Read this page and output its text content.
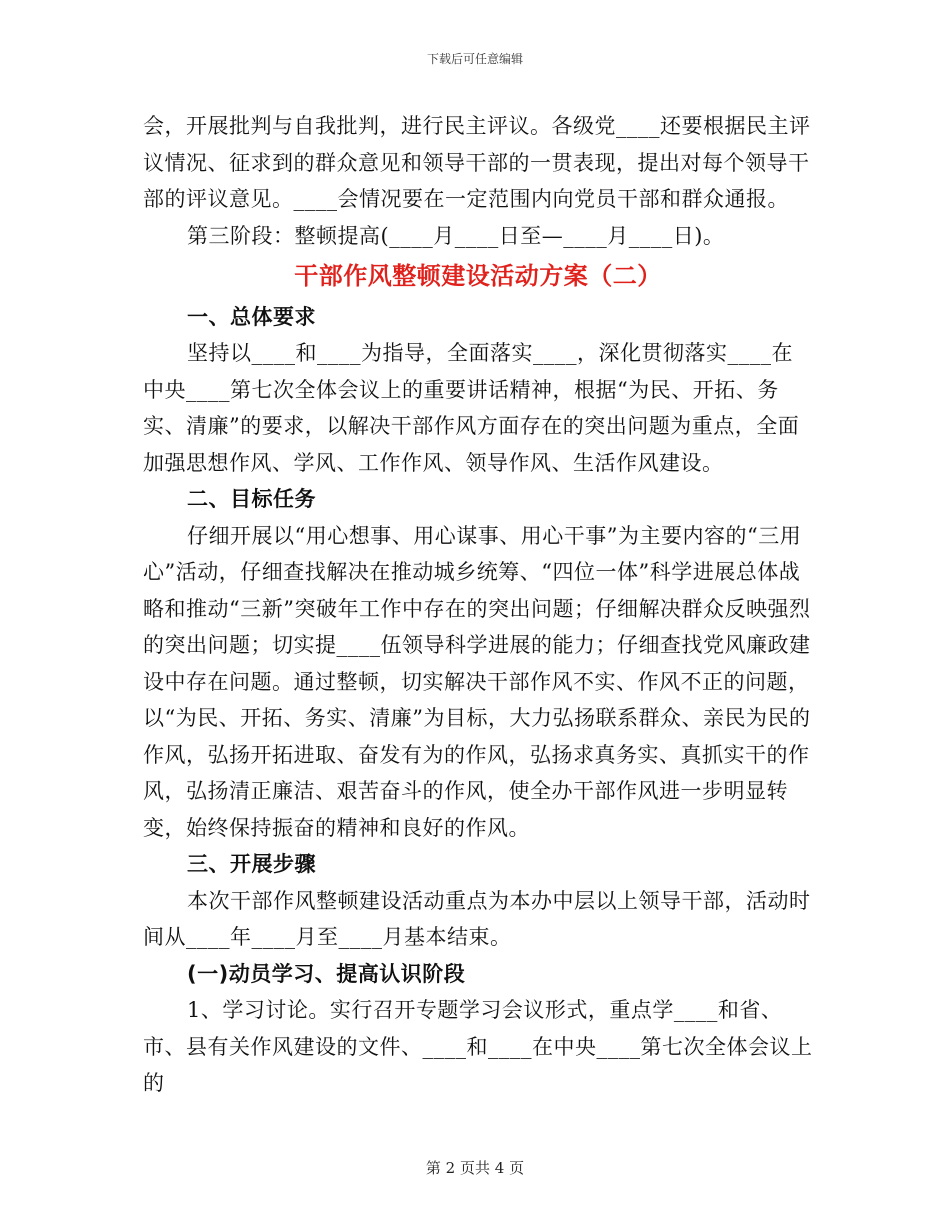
下载后可任意编辑

会，开展批判与自我批判，进行民主评议。各级党____还要根据民主评议情况、征求到的群众意见和领导干部的一贯表现，提出对每个领导干部的评议意见。____会情况要在一定范围内向党员干部和群众通报。

第三阶段：整顿提高(____月____日至—____月____日)。

干部作风整顿建设活动方案（二）

一、总体要求

坚持以____和____为指导，全面落实____，深化贯彻落实____在中央____第七次全体会议上的重要讲话精神，根据“为民、开拓、务实、清廉”的要求，以解决干部作风方面存在的突出问题为重点，全面加强思想作风、学风、工作作风、领导作风、生活作风建设。

二、目标任务

仔细开展以“用心想事、用心谋事、用心干事”为主要内容的“三用心”活动，仔细查找解决在推动城乡统筹、“四位一体”科学进展总体战略和推动“三新”突破年工作中存在的突出问题；仔细解决群众反映强烈的突出问题；切实提____伍领导科学进展的能力；仔细查找党风廉政建设中存在问题。通过整顿，切实解决干部作风不实、作风不正的问题，以“为民、开拓、务实、清廉”为目标，大力弘扬联系群众、亲民为民的作风，弘扬开拓进取、奋发有为的作风，弘扬求真务实、真抓实干的作风，弘扬清正廉洁、艰苦奋斗的作风，使全办干部作风进一步明显转变，始终保持振奋的精神和良好的作风。

三、开展步骤

本次干部作风整顿建设活动重点为本办中层以上领导干部，活动时间从____年____月至____月基本结束。

(一)动员学习、提高认识阶段

1、学习讨论。实行召开专题学习会议形式，重点学____和省、市、县有关作风建设的文件、____和____在中央____第七次全体会议上的

第 2 页共 4 页
